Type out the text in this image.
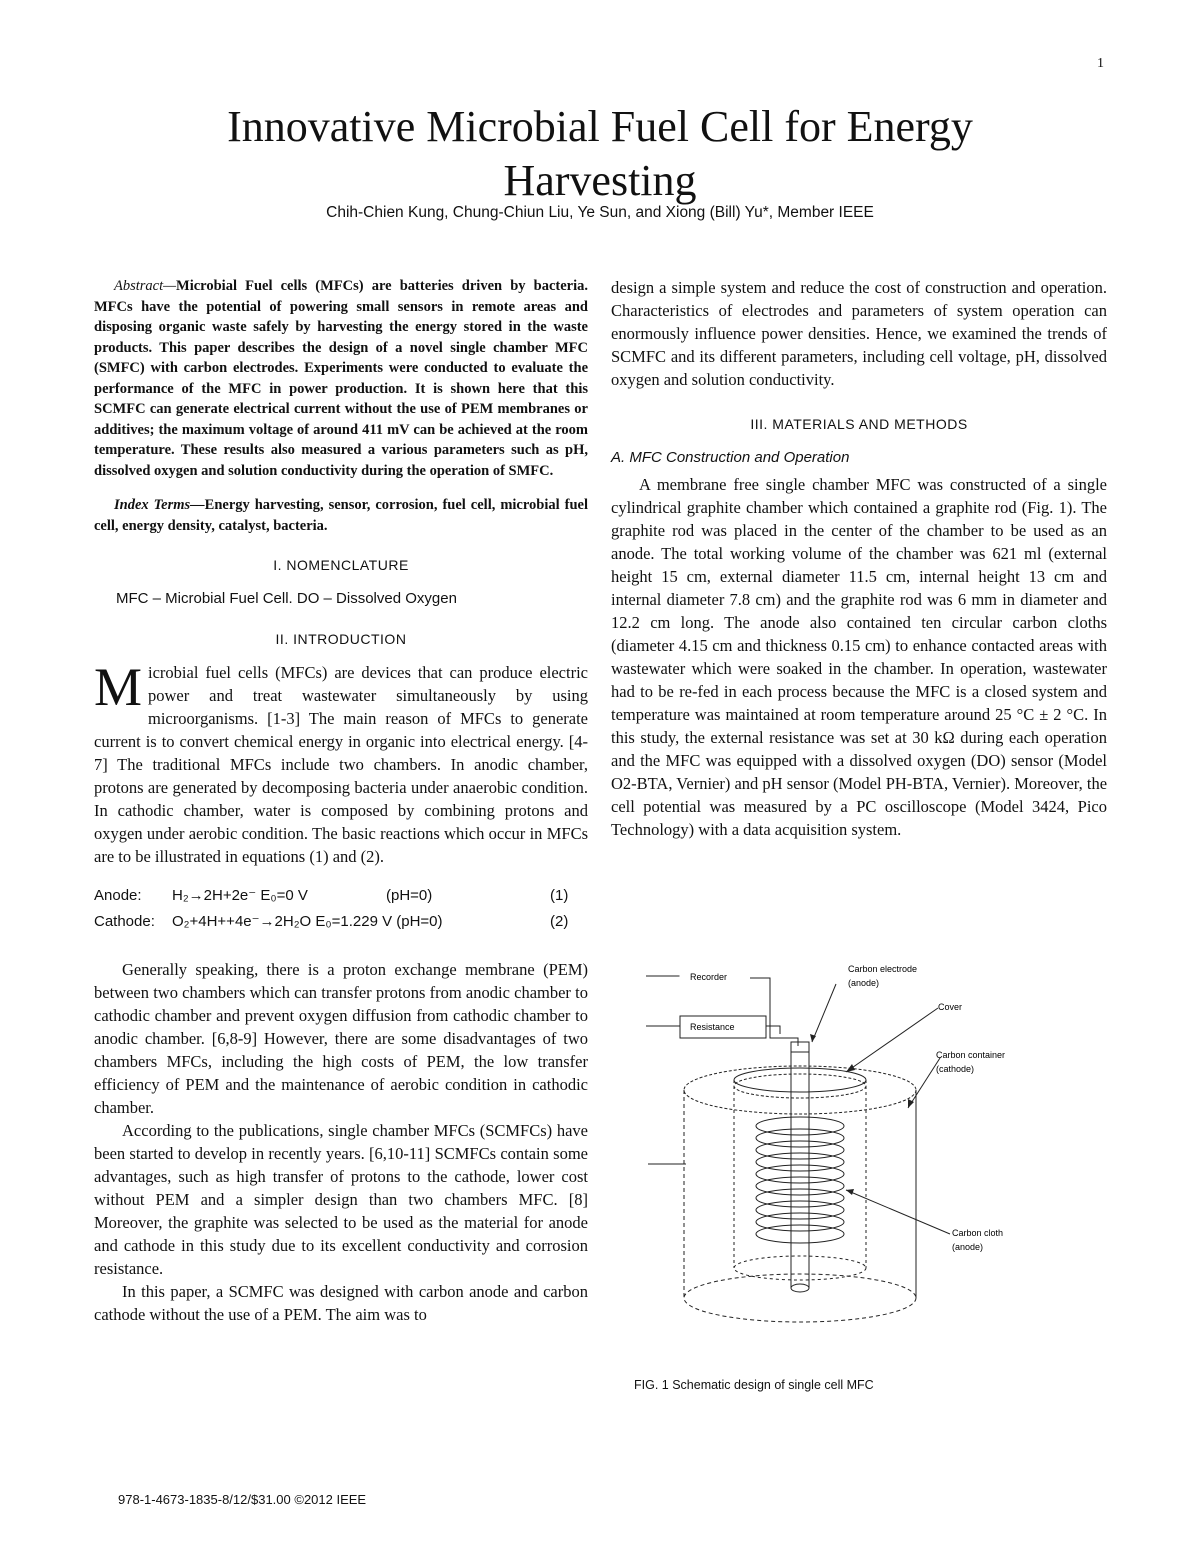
1
Innovative Microbial Fuel Cell for Energy
Harvesting
Chih-Chien Kung, Chung-Chiun Liu, Ye Sun, and Xiong (Bill) Yu*, Member IEEE

Abstract—Microbial Fuel cells (MFCs) are batteries driven by bacteria. MFCs have the potential of powering small sensors in remote areas and disposing organic waste safely by harvesting the energy stored in the waste products. This paper describes the design of a novel single chamber MFC (SMFC) with carbon electrodes. Experiments were conducted to evaluate the performance of the MFC in power production. It is shown here that this SCMFC can generate electrical current without the use of PEM membranes or additives; the maximum voltage of around 411 mV can be achieved at the room temperature. These results also measured a various parameters such as pH, dissolved oxygen and solution conductivity during the operation of SMFC.

Index Terms—Energy harvesting, sensor, corrosion, fuel cell, microbial fuel cell, energy density, catalyst, bacteria.

I. NOMENCLATURE

MFC – Microbial Fuel Cell. DO – Dissolved Oxygen

II. INTRODUCTION

Microbial fuel cells (MFCs) are devices that can produce electric power and treat wastewater simultaneously by using microorganisms. [1-3] The main reason of MFCs to generate current is to convert chemical energy in organic into electrical energy. [4-7] The traditional MFCs include two chambers. In anodic chamber, protons are generated by decomposing bacteria under anaerobic condition. In cathodic chamber, water is composed by combining protons and oxygen under aerobic condition. The basic reactions which occur in MFCs are to be illustrated in equations (1) and (2).

Anode: H₂→2H+2e⁻ E₀=0 V	(pH=0)	(1)
Cathode: O₂+4H++4e⁻→2H₂O E₀=1.229 V (pH=0)	(2)

Generally speaking, there is a proton exchange membrane (PEM) between two chambers which can transfer protons from anodic chamber to cathodic chamber and prevent oxygen diffusion from cathodic chamber to anodic chamber. [6,8-9] However, there are some disadvantages of two chambers MFCs, including the high costs of PEM, the low transfer efficiency of PEM and the maintenance of aerobic condition in cathodic chamber.

According to the publications, single chamber MFCs (SCMFCs) have been started to develop in recently years. [6,10-11] SCMFCs contain some advantages, such as high transfer of protons to the cathode, lower cost without PEM and a simpler design than two chambers MFC. [8] Moreover, the graphite was selected to be used as the material for anode and cathode in this study due to its excellent conductivity and corrosion resistance.

In this paper, a SCMFC was designed with carbon anode and carbon cathode without the use of a PEM. The aim was to

design a simple system and reduce the cost of construction and operation. Characteristics of electrodes and parameters of system operation can enormously influence power densities. Hence, we examined the trends of SCMFC and its different parameters, including cell voltage, pH, dissolved oxygen and solution conductivity.

III. MATERIALS AND METHODS
A. MFC Construction and Operation

A membrane free single chamber MFC was constructed of a single cylindrical graphite chamber which contained a graphite rod (Fig. 1). The graphite rod was placed in the center of the chamber to be used as an anode. The total working volume of the chamber was 621 ml (external height 15 cm, external diameter 11.5 cm, internal height 13 cm and internal diameter 7.8 cm) and the graphite rod was 6 mm in diameter and 12.2 cm long. The anode also contained ten circular carbon cloths (diameter 4.15 cm and thickness 0.15 cm) to enhance contacted areas with wastewater which were soaked in the chamber. In operation, wastewater had to be re-fed in each process because the MFC is a closed system and temperature was maintained at room temperature around 25 °C ± 2 °C. In this study, the external resistance was set at 30 kΩ during each operation and the MFC was equipped with a dissolved oxygen (DO) sensor (Model O2-BTA, Vernier) and pH sensor (Model PH-BTA, Vernier). Moreover, the cell potential was measured by a PC oscilloscope (Model 3424, Pico Technology) with a data acquisition system.

Recorder
Resistance
Carbon electrode
(anode)
Cover
Carbon container
(cathode)
Carbon cloth
(anode)
FIG. 1 Schematic design of single cell MFC
978-1-4673-1835-8/12/$31.00 ©2012 IEEE
